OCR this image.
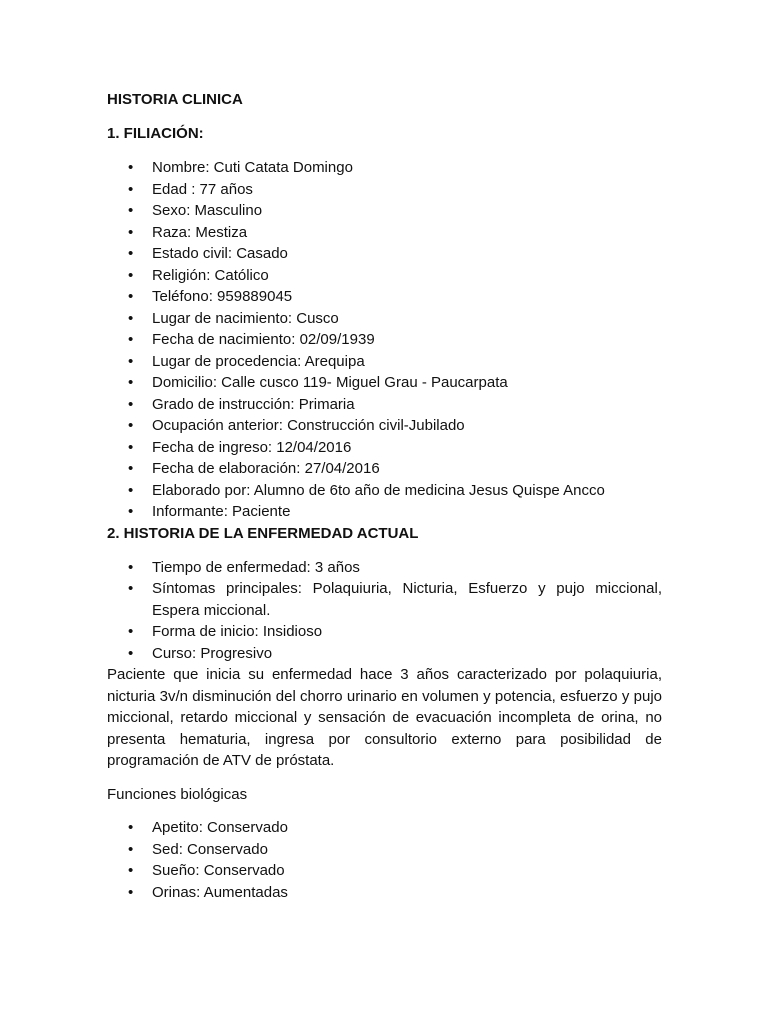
HISTORIA CLINICA

1. FILIACIÓN:

• Nombre: Cuti Catata Domingo
• Edad : 77 años
• Sexo: Masculino
• Raza: Mestiza
• Estado civil: Casado
• Religión: Católico
• Teléfono: 959889045
• Lugar de nacimiento: Cusco
• Fecha de nacimiento: 02/09/1939
• Lugar de procedencia: Arequipa
• Domicilio: Calle cusco 119- Miguel Grau - Paucarpata
• Grado de instrucción: Primaria
• Ocupación anterior: Construcción civil-Jubilado
• Fecha de ingreso: 12/04/2016
• Fecha de elaboración: 27/04/2016
• Elaborado por: Alumno de 6to año de medicina Jesus Quispe Ancco
• Informante: Paciente

2. HISTORIA DE LA ENFERMEDAD ACTUAL

• Tiempo de enfermedad: 3 años
• Síntomas principales: Polaquiuria, Nicturia, Esfuerzo y pujo miccional, Espera miccional.
• Forma de inicio: Insidioso
• Curso: Progresivo

Paciente que inicia su enfermedad hace 3 años caracterizado por polaquiuria, nicturia 3v/n disminución del chorro urinario en volumen y potencia, esfuerzo y pujo miccional, retardo miccional y sensación de evacuación incompleta de orina, no presenta hematuria, ingresa por consultorio externo para posibilidad de programación de ATV de próstata.

Funciones biológicas

• Apetito: Conservado
• Sed: Conservado
• Sueño: Conservado
• Orinas: Aumentadas
